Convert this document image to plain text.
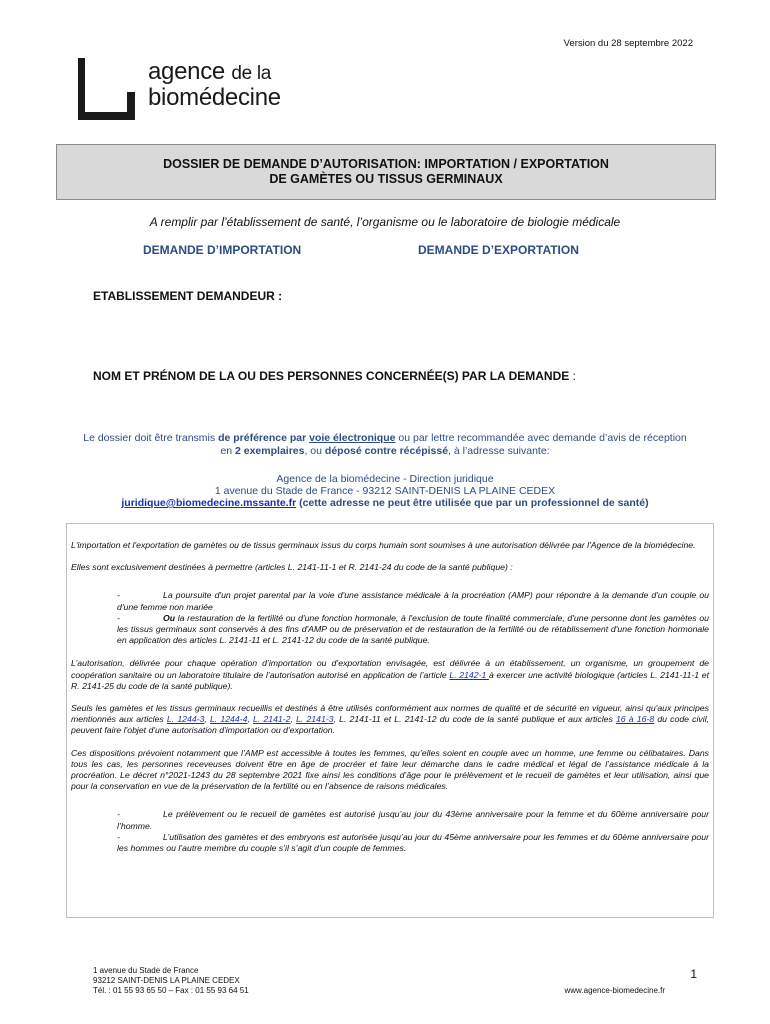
Version du 28 septembre 2022
agence de la
biomédecine
DOSSIER DE DEMANDE D’AUTORISATION: IMPORTATION / EXPORTATION
DE GAMÈTES OU TISSUS GERMINAUX
A remplir par l’établissement de santé, l’organisme ou le laboratoire de biologie médicale
DEMANDE D’IMPORTATION	DEMANDE D’EXPORTATION
ETABLISSEMENT DEMANDEUR :
NOM ET PRÉNOM DE LA OU DES PERSONNES CONCERNÉE(S) PAR LA DEMANDE :
Le dossier doit être transmis de préférence par voie électronique ou par lettre recommandée avec demande d’avis de réception en 2 exemplaires, ou déposé contre récépissé, à l’adresse suivante:
Agence de la biomédecine - Direction juridique
1 avenue du Stade de France - 93212 SAINT-DENIS LA PLAINE CEDEX
juridique@biomedecine.mssante.fr (cette adresse ne peut être utilisée que par un professionnel de santé)

L'importation et l'exportation de gamètes ou de tissus germinaux issus du corps humain sont soumises à une autorisation délivrée par l'Agence de la biomédecine.

Elles sont exclusivement destinées à permettre (articles L. 2141-11-1 et R. 2141-24 du code de la santé publique) :

-	La poursuite d'un projet parental par la voie d'une assistance médicale à la procréation (AMP) pour répondre à la demande d'un couple ou d'une femme non mariée
-	Ou la restauration de la fertilité ou d'une fonction hormonale, à l'exclusion de toute finalité commerciale, d'une personne dont les gamètes ou les tissus germinaux sont conservés à des fins d'AMP ou de préservation et de restauration de la fertilité ou de rétablissement d'une fonction hormonale en application des articles L. 2141-11 et L. 2141-12 du code de la santé publique.

L’autorisation, délivrée pour chaque opération d’importation ou d’exportation envisagée, est délivrée à un établissement, un organisme, un groupement de coopération sanitaire ou un laboratoire titulaire de l’autorisation autorisé en application de l’article L. 2142-1 à exercer une activité biologique (articles L. 2141-11-1 et R. 2141-25 du code de la santé publique).

Seuls les gamètes et les tissus germinaux recueillis et destinés à être utilisés conformément aux normes de qualité et de sécurité en vigueur, ainsi qu'aux principes mentionnés aux articles L. 1244-3, L. 1244-4, L. 2141-2, L. 2141-3, L. 2141-11 et L. 2141-12 du code de la santé publique et aux articles 16 à 16-8 du code civil, peuvent faire l'objet d'une autorisation d'importation ou d'exportation.

Ces dispositions prévoient notamment que l’AMP est accessible à toutes les femmes, qu’elles soient en couple avec un homme, une femme ou célibataires. Dans tous les cas, les personnes receveuses doivent être en âge de procréer et faire leur démarche dans le cadre médical et légal de l’assistance médicale à la procréation. Le décret n°2021-1243 du 28 septembre 2021 fixe ainsi les conditions d’âge pour le prélèvement et le recueil de gamètes et leur utilisation, ainsi que pour la conservation en vue de la préservation de la fertilité ou en l’absence de raisons médicales.

-	Le prélèvement ou le recueil de gamètes est autorisé jusqu’au jour du 43ème anniversaire pour la femme et du 60ème anniversaire pour l’homme.
-	L’utilisation des gamètes et des embryons est autorisée jusqu’au jour du 45ème anniversaire pour les femmes et du 60ème anniversaire pour les hommes ou l’autre membre du couple s’il s’agit d’un couple de femmes.
1 avenue du Stade de France
93212 SAINT-DENIS LA PLAINE CEDEX
Tél. : 01 55 93 65 50 – Fax : 01 55 93 64 51
1
www.agence-biomedecine.fr
